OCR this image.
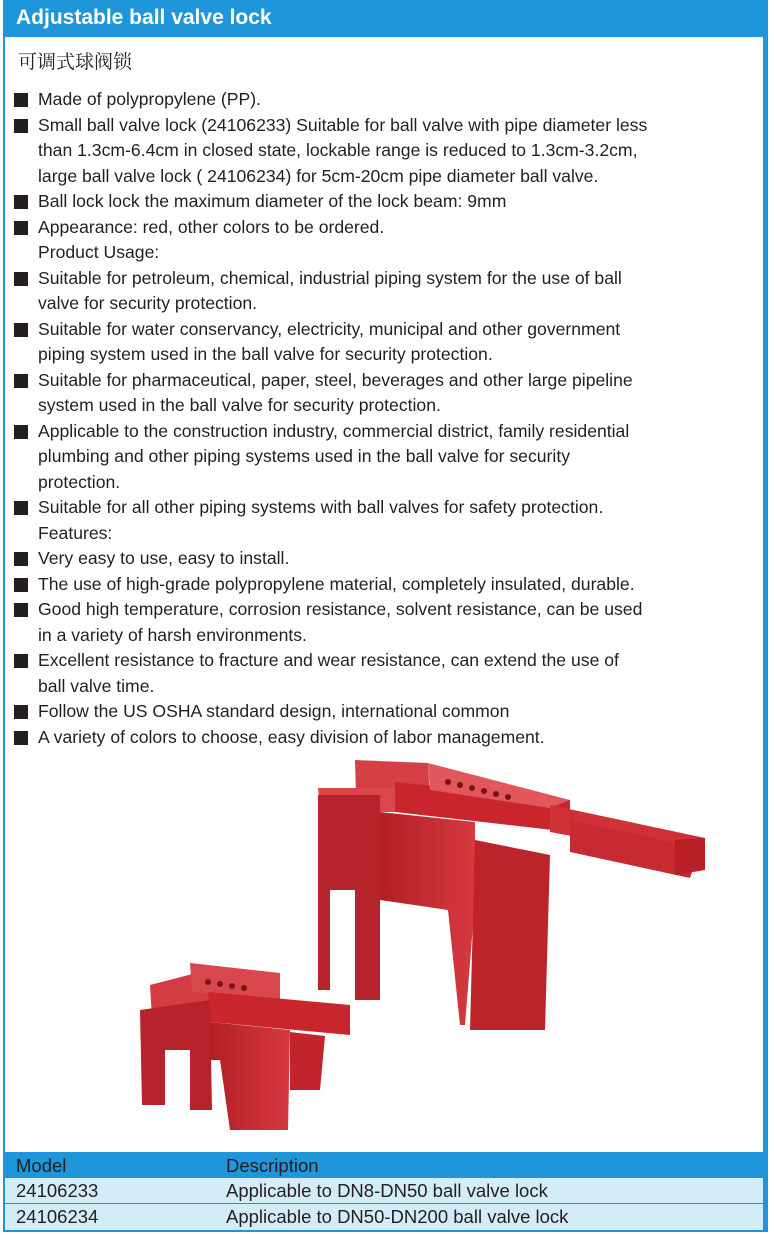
Adjustable ball valve lock
可调式球阀锁
Made of polypropylene (PP).
Small ball valve lock (24106233) Suitable for ball valve with pipe diameter less
than 1.3cm-6.4cm in closed state, lockable range is reduced to 1.3cm-3.2cm,
large ball valve lock ( 24106234) for 5cm-20cm pipe diameter ball valve.
Ball lock lock the maximum diameter of the lock beam: 9mm
Appearance: red, other colors to be ordered.
Product Usage:
Suitable for petroleum, chemical, industrial piping system for the use of ball
valve for security protection.
Suitable for water conservancy, electricity, municipal and other government
piping system used in the ball valve for security protection.
Suitable for pharmaceutical, paper, steel, beverages and other large pipeline
system used in the ball valve for security protection.
Applicable to the construction industry, commercial district, family residential
plumbing and other piping systems used in the ball valve for security
protection.
Suitable for all other piping systems with ball valves for safety protection.
Features:
Very easy to use, easy to install.
The use of high-grade polypropylene material, completely insulated, durable.
Good high temperature, corrosion resistance, solvent resistance, can be used
in a variety of harsh environments.
Excellent resistance to fracture and wear resistance, can extend the use of
ball valve time.
Follow the US OSHA standard design, international common
A variety of colors to choose, easy division of labor management.
Model	Description
24106233	Applicable to DN8-DN50 ball valve lock
24106234	Applicable to DN50-DN200 ball valve lock
